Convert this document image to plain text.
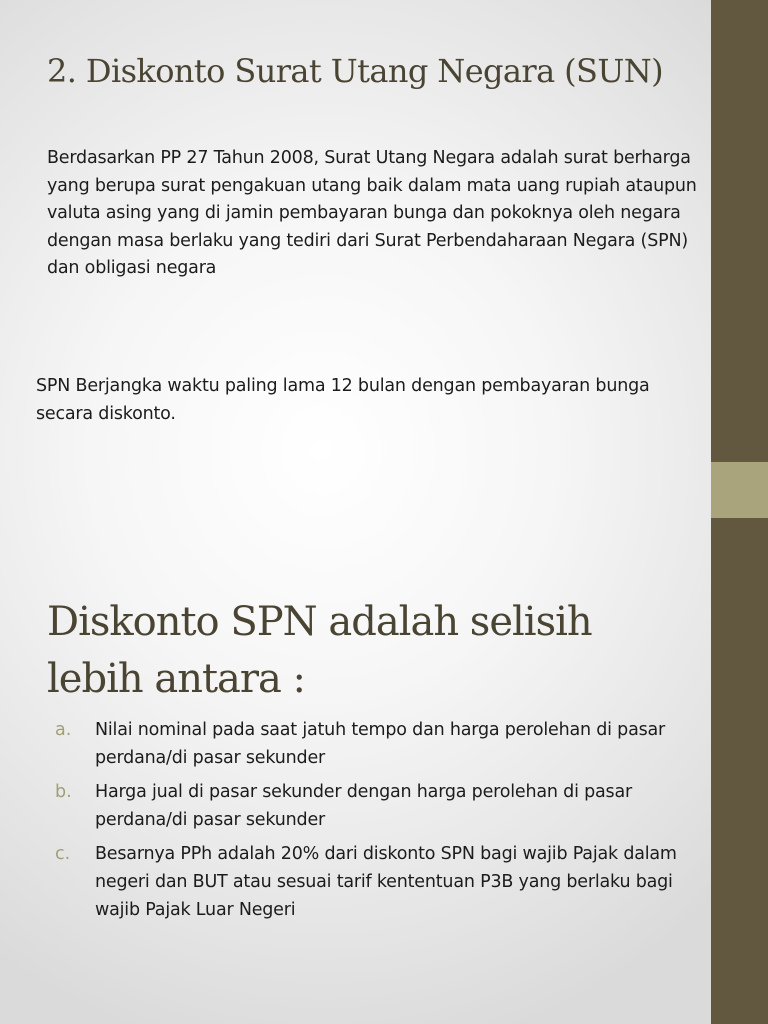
2. Diskonto Surat Utang Negara (SUN)

Berdasarkan PP 27 Tahun 2008, Surat Utang Negara adalah surat berharga yang berupa surat pengakuan utang baik dalam mata uang rupiah ataupun valuta asing yang di jamin pembayaran bunga dan pokoknya oleh negara dengan masa berlaku yang tediri dari Surat Perbendaharaan Negara (SPN) dan obligasi negara

SPN Berjangka waktu paling lama 12 bulan dengan pembayaran bunga secara diskonto.

Diskonto SPN adalah selisih lebih antara :
a.	Nilai nominal pada saat jatuh tempo dan harga perolehan di pasar perdana/di pasar sekunder
b.	Harga jual di pasar sekunder dengan harga perolehan di pasar perdana/di pasar sekunder
c.	Besarnya PPh adalah 20% dari diskonto SPN bagi wajib Pajak dalam negeri dan BUT atau sesuai tarif kententuan P3B yang berlaku bagi wajib Pajak Luar Negeri
